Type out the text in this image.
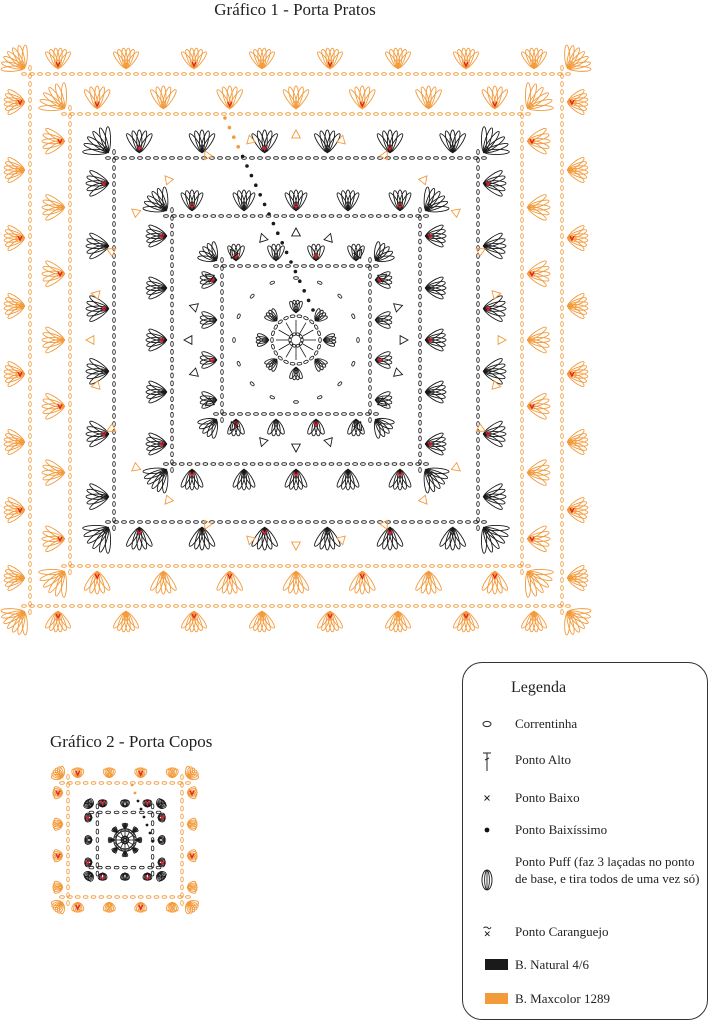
Gráfico 1 - Porta Pratos
Gráfico 2 - Porta Copos
Legenda
Correntinha
Ponto Alto
Ponto Baixo
Ponto Baixíssimo
Ponto Puff (faz 3 laçadas no ponto de base, e tira todos de uma vez só)
Ponto Caranguejo
B. Natural 4/6
B. Maxcolor 1289
